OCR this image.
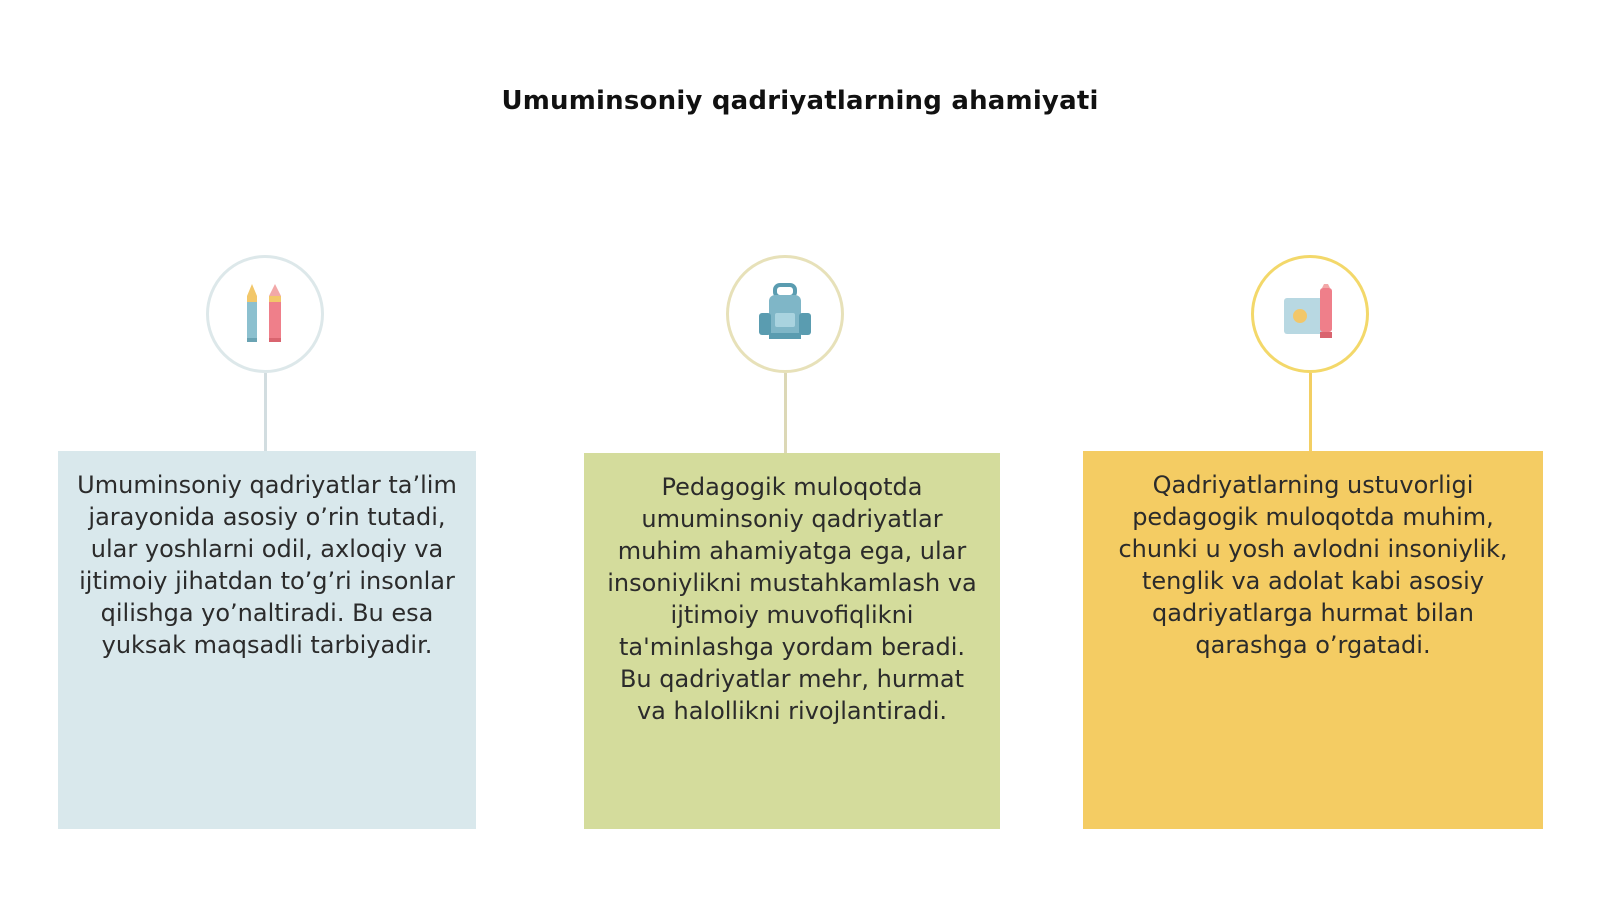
Umuminsoniy qadriyatlarning ahamiyati
Umuminsoniy qadriyatlar ta’lim jarayonida asosiy o’rin tutadi, ular yoshlarni odil, axloqiy va ijtimoiy jihatdan to’g’ri insonlar qilishga yo’naltiradi. Bu esa yuksak maqsadli tarbiyadir.
Pedagogik muloqotda umuminsoniy qadriyatlar muhim ahamiyatga ega, ular insoniylikni mustahkamlash va ijtimoiy muvofiqlikni ta'minlashga yordam beradi. Bu qadriyatlar mehr, hurmat va halollikni rivojlantiradi.
Qadriyatlarning ustuvorligi pedagogik muloqotda muhim, chunki u yosh avlodni insoniylik, tenglik va adolat kabi asosiy qadriyatlarga hurmat bilan qarashga o’rgatadi.
